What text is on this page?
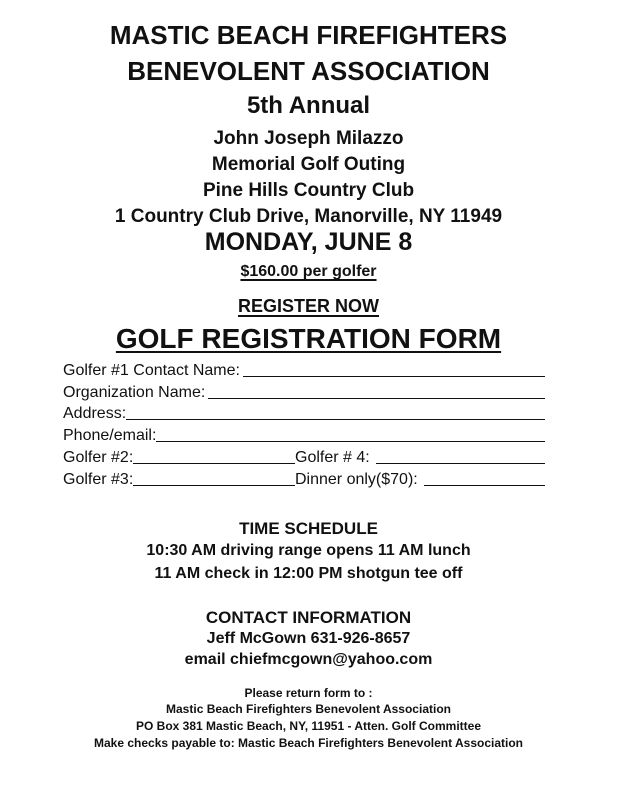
MASTIC BEACH FIREFIGHTERS
BENEVOLENT ASSOCIATION
5th Annual
John Joseph Milazzo
Memorial Golf Outing
Pine Hills Country Club
1 Country Club Drive, Manorville, NY 11949
MONDAY, JUNE 8
$160.00 per golfer
REGISTER NOW
GOLF REGISTRATION FORM
Golfer #1 Contact Name:
Organization Name:
Address:
Phone/email:
Golfer #2:	Golfer # 4:
Golfer #3:	Dinner only($70):
TIME SCHEDULE
10:30 AM driving range opens 11 AM lunch
11 AM check in 12:00 PM shotgun tee off
CONTACT INFORMATION
Jeff McGown 631-926-8657
email chiefmcgown@yahoo.com
Please return form to :
Mastic Beach Firefighters Benevolent Association
PO Box 381 Mastic Beach, NY, 11951 - Atten. Golf Committee
Make checks payable to: Mastic Beach Firefighters Benevolent Association
